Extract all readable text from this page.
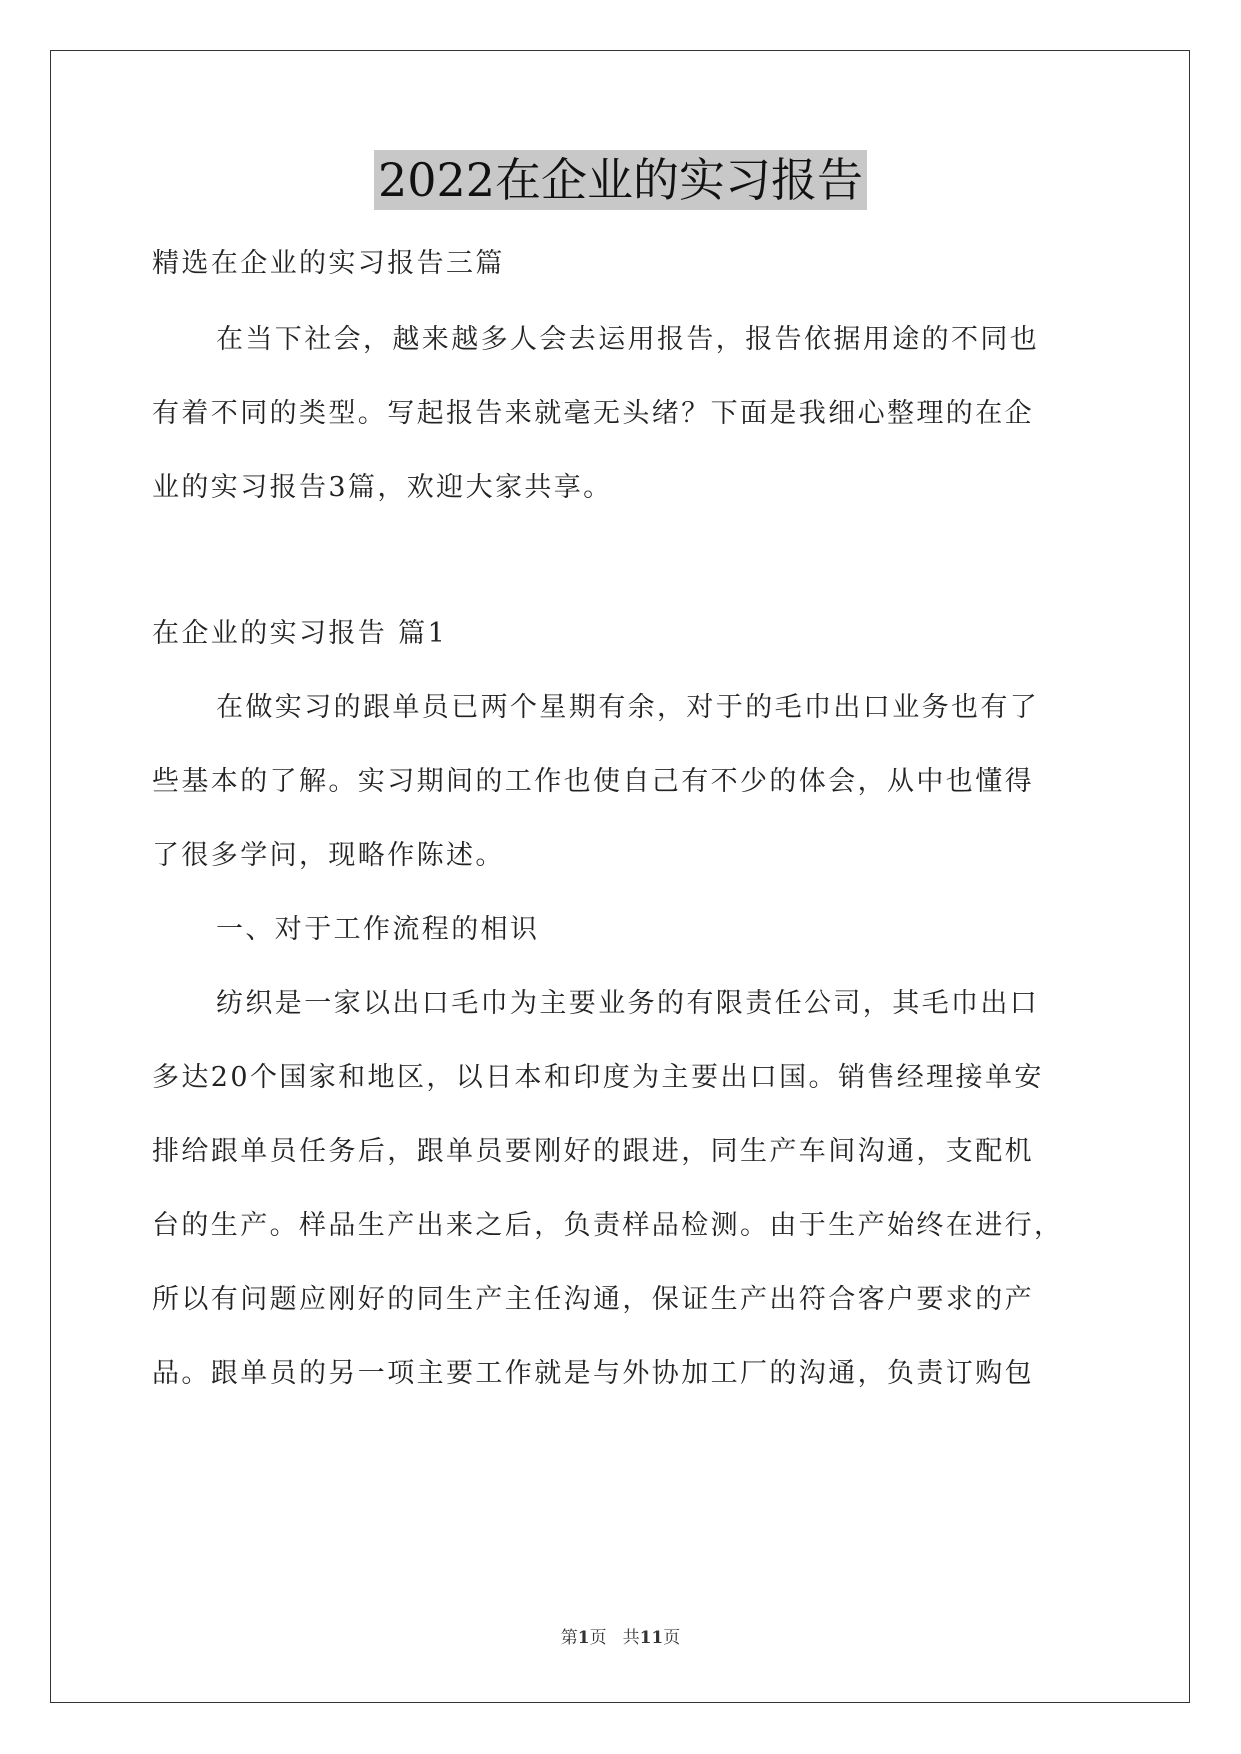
2022在企业的实习报告
精选在企业的实习报告三篇
在当下社会，越来越多人会去运用报告，报告依据用途的不同也
有着不同的类型。写起报告来就毫无头绪？下面是我细心整理的在企
业的实习报告3篇，欢迎大家共享。
在企业的实习报告 篇1
在做实习的跟单员已两个星期有余，对于的毛巾出口业务也有了
些基本的了解。实习期间的工作也使自己有不少的体会，从中也懂得
了很多学问，现略作陈述。
一、对于工作流程的相识
纺织是一家以出口毛巾为主要业务的有限责任公司，其毛巾出口
多达20个国家和地区，以日本和印度为主要出口国。销售经理接单安
排给跟单员任务后，跟单员要刚好的跟进，同生产车间沟通，支配机
台的生产。样品生产出来之后，负责样品检测。由于生产始终在进行，
所以有问题应刚好的同生产主任沟通，保证生产出符合客户要求的产
品。跟单员的另一项主要工作就是与外协加工厂的沟通，负责订购包
第1页 共11页
